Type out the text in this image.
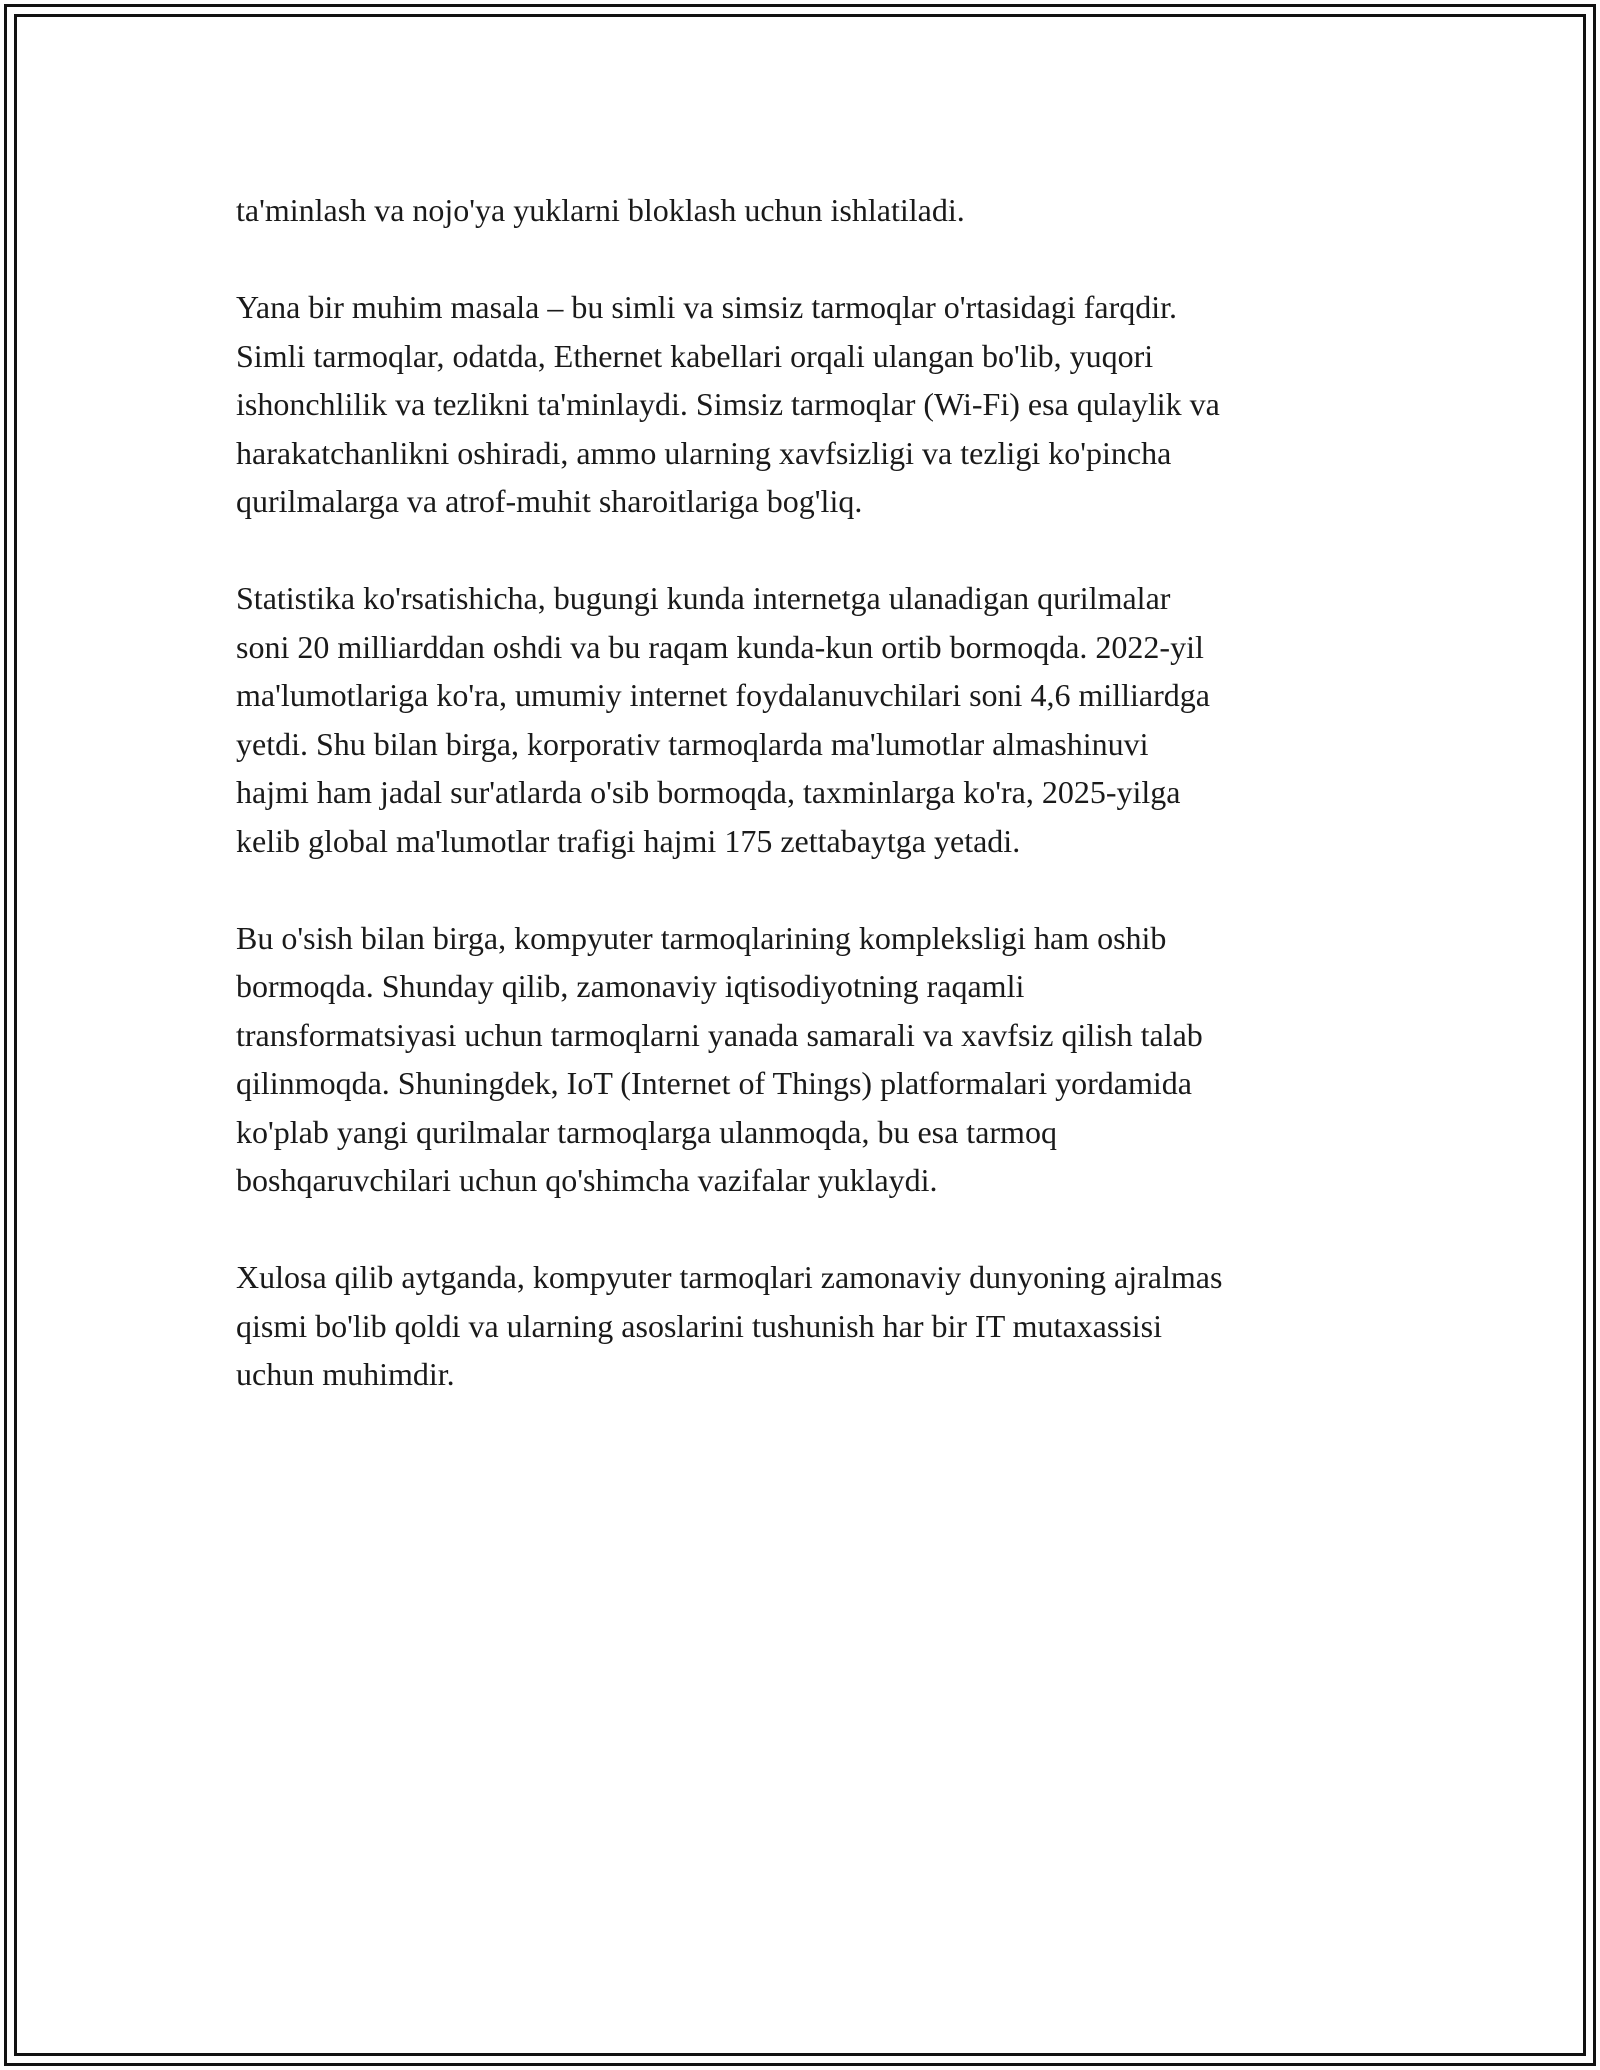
ta'minlash va nojo'ya yuklarni bloklash uchun ishlatiladi.

Yana bir muhim masala – bu simli va simsiz tarmoqlar o'rtasidagi farqdir.
Simli tarmoqlar, odatda, Ethernet kabellari orqali ulangan bo'lib, yuqori
ishonchlilik va tezlikni ta'minlaydi. Simsiz tarmoqlar (Wi-Fi) esa qulaylik va
harakatchanlikni oshiradi, ammo ularning xavfsizligi va tezligi ko'pincha
qurilmalarga va atrof-muhit sharoitlariga bog'liq.

Statistika ko'rsatishicha, bugungi kunda internetga ulanadigan qurilmalar
soni 20 milliarddan oshdi va bu raqam kunda-kun ortib bormoqda. 2022-yil
ma'lumotlariga ko'ra, umumiy internet foydalanuvchilari soni 4,6 milliardga
yetdi. Shu bilan birga, korporativ tarmoqlarda ma'lumotlar almashinuvi
hajmi ham jadal sur'atlarda o'sib bormoqda, taxminlarga ko'ra, 2025-yilga
kelib global ma'lumotlar trafigi hajmi 175 zettabaytga yetadi.

Bu o'sish bilan birga, kompyuter tarmoqlarining kompleksligi ham oshib
bormoqda. Shunday qilib, zamonaviy iqtisodiyotning raqamli
transformatsiyasi uchun tarmoqlarni yanada samarali va xavfsiz qilish talab
qilinmoqda. Shuningdek, IoT (Internet of Things) platformalari yordamida
ko'plab yangi qurilmalar tarmoqlarga ulanmoqda, bu esa tarmoq
boshqaruvchilari uchun qo'shimcha vazifalar yuklaydi.

Xulosa qilib aytganda, kompyuter tarmoqlari zamonaviy dunyoning ajralmas
qismi bo'lib qoldi va ularning asoslarini tushunish har bir IT mutaxassisi
uchun muhimdir.
